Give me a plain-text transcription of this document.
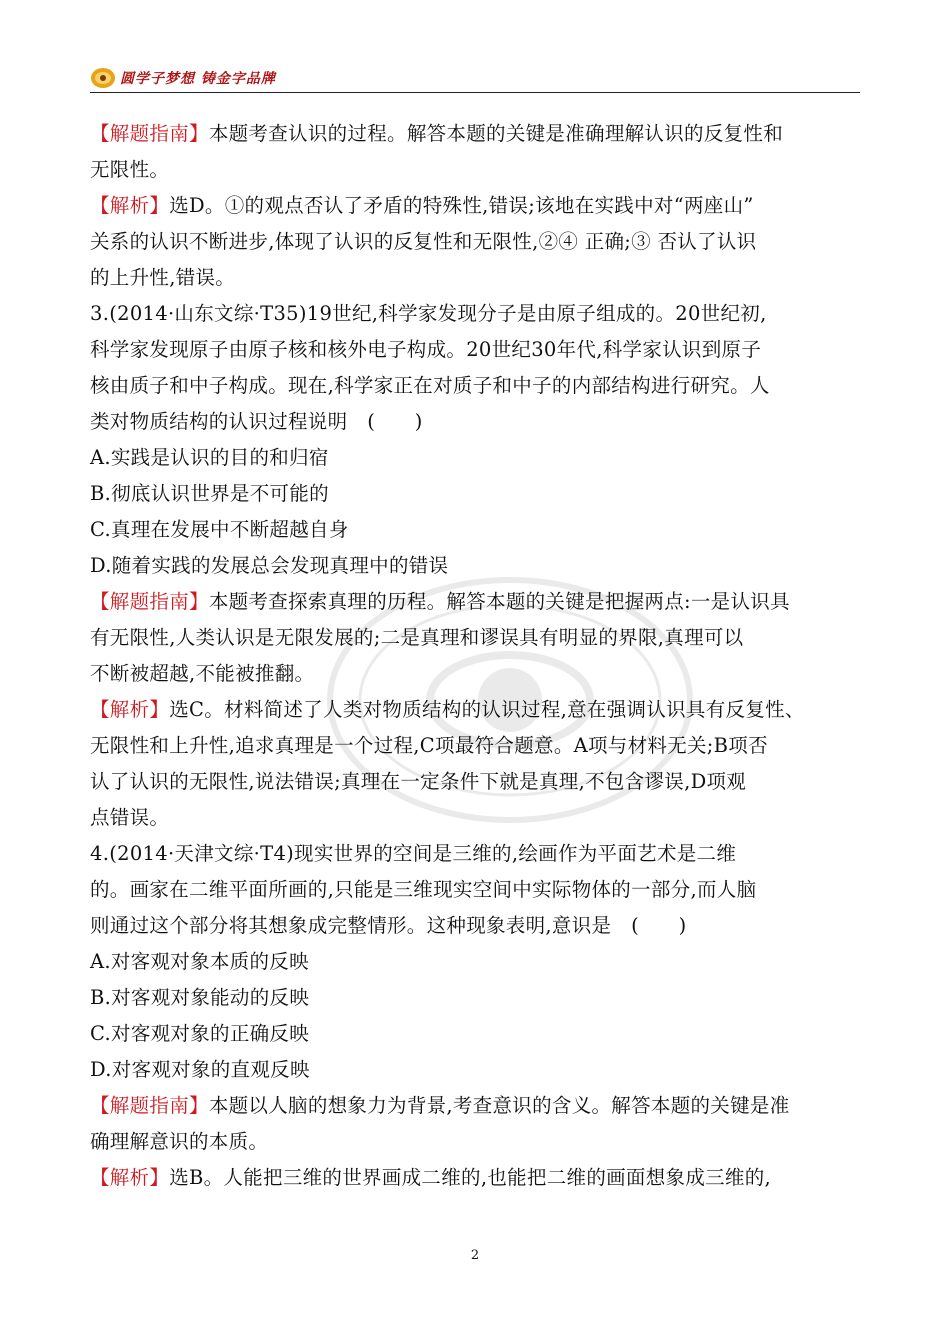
圆学子梦想 铸金字品牌
【解题指南】本题考查认识的过程。解答本题的关键是准确理解认识的反复性和
无限性。
【解析】选D。①的观点否认了矛盾的特殊性,错误;该地在实践中对“两座山”
关系的认识不断进步,体现了认识的反复性和无限性,②④ 正确;③ 否认了认识
的上升性,错误。
3.(2014·山东文综·T35)19世纪,科学家发现分子是由原子组成的。20世纪初,
科学家发现原子由原子核和核外电子构成。20世纪30年代,科学家认识到原子
核由质子和中子构成。现在,科学家正在对质子和中子的内部结构进行研究。人
类对物质结构的认识过程说明　(　　)
A.实践是认识的目的和归宿
B.彻底认识世界是不可能的
C.真理在发展中不断超越自身
D.随着实践的发展总会发现真理中的错误
【解题指南】本题考查探索真理的历程。解答本题的关键是把握两点:一是认识具
有无限性,人类认识是无限发展的;二是真理和谬误具有明显的界限,真理可以
不断被超越,不能被推翻。
【解析】选C。材料简述了人类对物质结构的认识过程,意在强调认识具有反复性、
无限性和上升性,追求真理是一个过程,C项最符合题意。A项与材料无关;B项否
认了认识的无限性,说法错误;真理在一定条件下就是真理,不包含谬误,D项观
点错误。
4.(2014·天津文综·T4)现实世界的空间是三维的,绘画作为平面艺术是二维
的。画家在二维平面所画的,只能是三维现实空间中实际物体的一部分,而人脑
则通过这个部分将其想象成完整情形。这种现象表明,意识是　(　　)
A.对客观对象本质的反映
B.对客观对象能动的反映
C.对客观对象的正确反映
D.对客观对象的直观反映
【解题指南】本题以人脑的想象力为背景,考查意识的含义。解答本题的关键是准
确理解意识的本质。
【解析】选B。人能把三维的世界画成二维的,也能把二维的画面想象成三维的,
2
